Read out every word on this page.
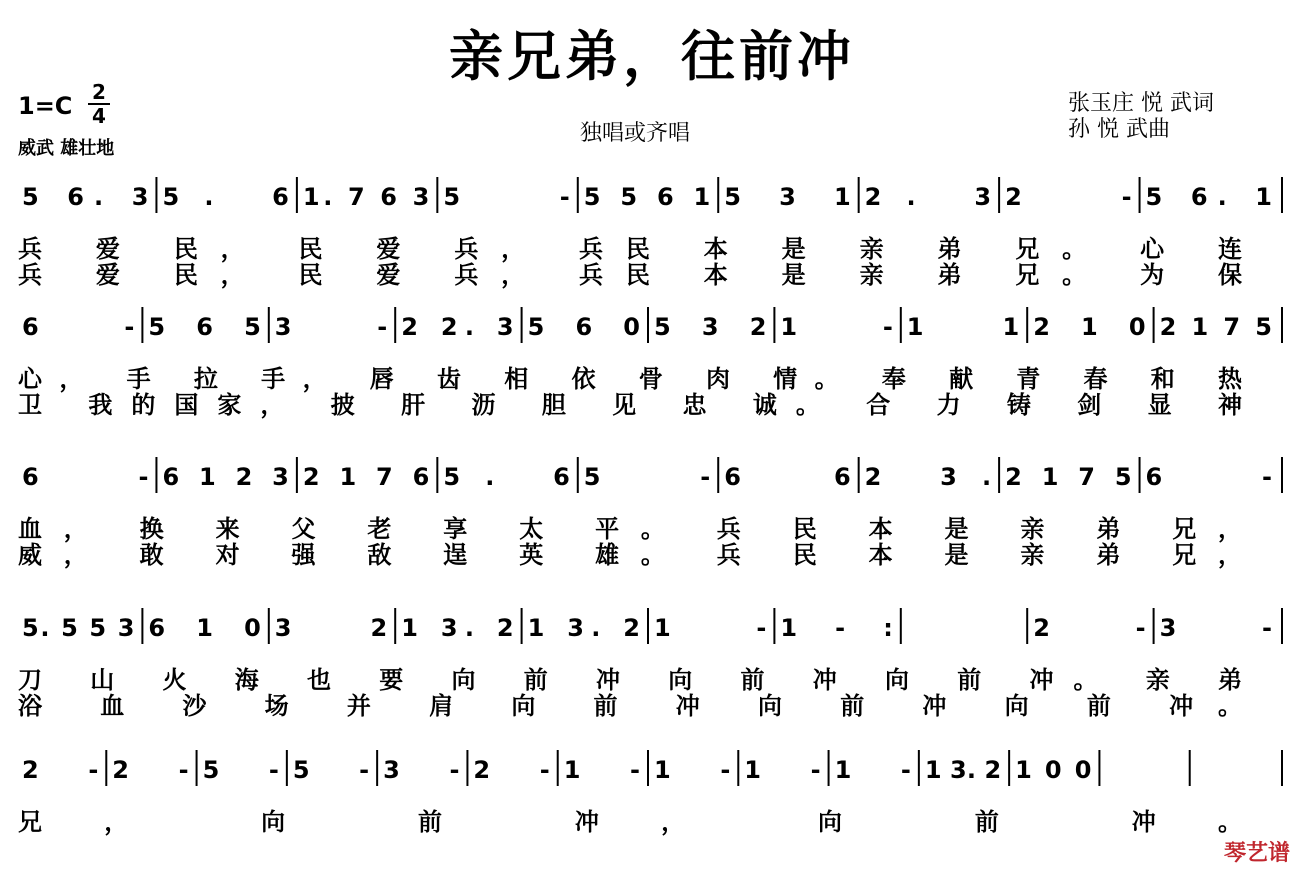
亲兄弟，往前冲
1=C 2
4
威武 雄壮地
独唱或齐唱
张玉庄 悦 武词
孙 悦 武曲
5 6. 3 5. 6 1. 7 6 3 5 - 5 5 6 1 5 3 1 2. 3 2 - 5 6. 1
兵 爱 民， 民 爱 兵， 兵民 本 是 亲 弟 兄。 心 连
兵 爱 民， 民 爱 兵， 兵民 本 是 亲 弟 兄。 为 保
6 - 5 6 5 3 - 2 2. 3 5 6 0 5 3 2 1 - 1 1 2 1 0 2 1 7 5
心， 手 拉 手， 唇 齿 相 依 骨 肉 情。 奉 献 青 春 和 热
卫 我的国家， 披 肝 沥 胆 见 忠 诚。 合 力 铸 剑 显 神
6 - 6 1 2 3 2 1 7 6 5. 6 5 - 6 6 2 3. 2 1 7 5 6 -
血， 换 来 父 老 享 太 平。 兵 民 本 是 亲 弟 兄，
威， 敢 对 强 敌 逞 英 雄。 兵 民 本 是 亲 弟 兄，
5. 5 5 3 6 1 0 3 2 1 3. 2 1 3. 2 1 - 1 - :	2 - 3 -
刀 山 火 海 也 要 向 前 冲 向 前 冲 向 前 冲。 亲 弟
浴 血 沙 场 并 肩 向 前 冲 向 前 冲 向 前 冲。
2 - 2 - 5 - 5 - 3 - 2 - 1 - 1 - 1 - 1 - 1 3. 2 1 0 0
兄， 向 前 冲， 向 前 冲。
琴艺谱
